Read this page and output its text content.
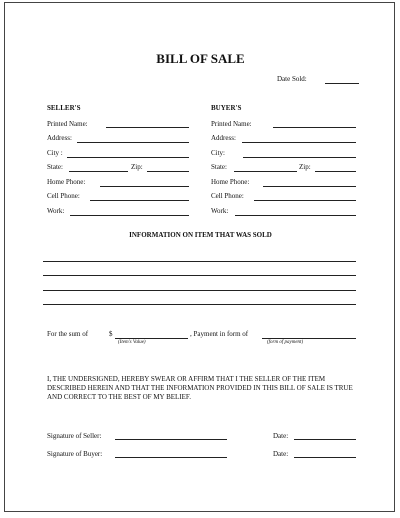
BILL OF SALE
Date Sold:
SELLER'S
Printed Name:
Address:
City :
State:	Zip:
Home Phone:
Cell Phone:
Work:
BUYER'S
Printed Name:
Address:
City:
State:	Zip:
Home Phone:
Cell Phone:
Work:
INFORMATION ON ITEM THAT WAS SOLD
For the sum of	$
(Item's Value)
, Payment in form of
(form of payment)
I, THE UNDERSIGNED, HEREBY SWEAR OR AFFIRM THAT I THE SELLER OF THE ITEM DESCRIBED HEREIN AND THAT THE INFORMATION PROVIDED IN THIS BILL OF SALE IS TRUE AND CORRECT TO THE BEST OF MY BELIEF.
Signature of Seller:	Date:
Signature of Buyer:	Date:
